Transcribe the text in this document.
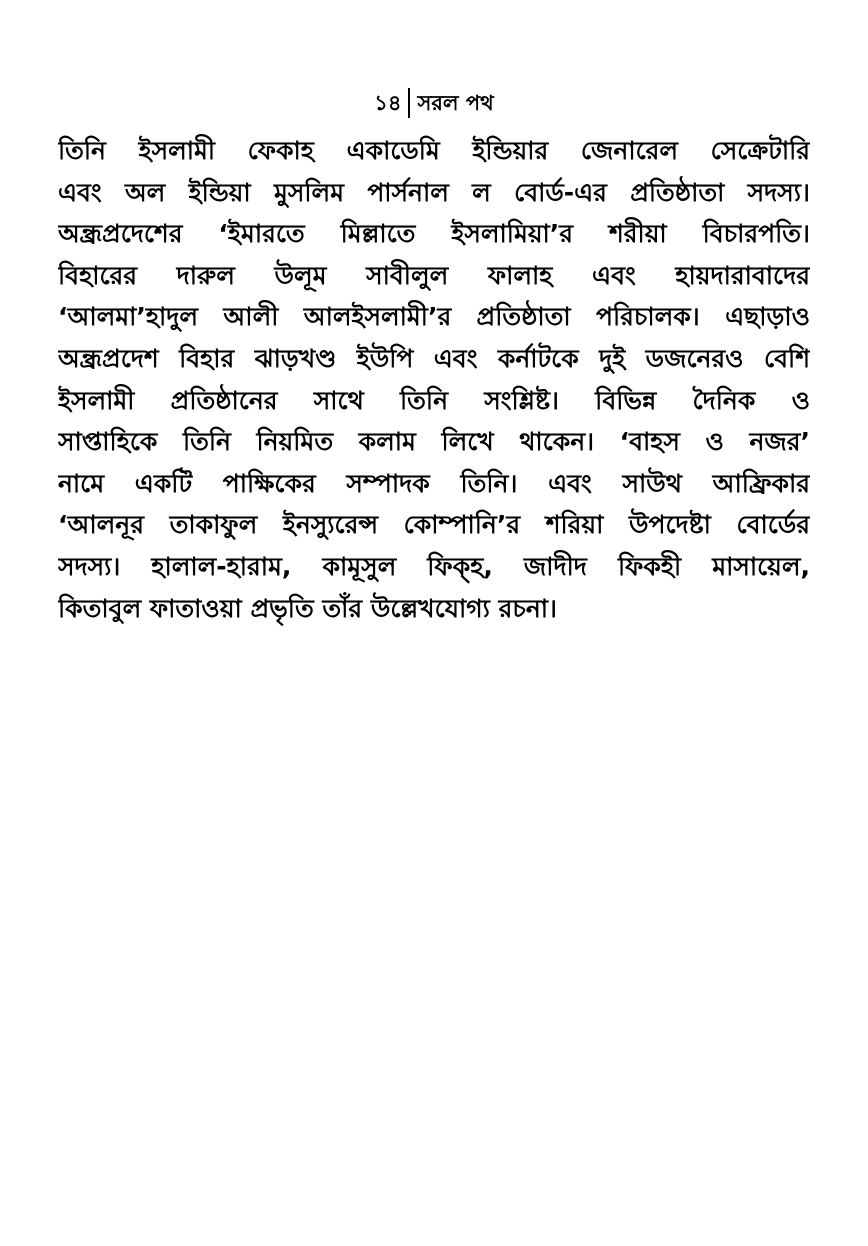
১৪ সরল পথ
তিনি ইসলামী ফেকাহ একাডেমি ইন্ডিয়ার জেনারেল সেক্রেটারি
এবং অল ইন্ডিয়া মুসলিম পার্সনাল ল বোর্ড-এর প্রতিষ্ঠাতা সদস্য।
অন্ধ্রপ্রদেশের ‘ইমারতে মিল্লাতে ইসলামিয়া’র শরীয়া বিচারপতি।
বিহারের দারুল উলূম সাবীলুল ফালাহ এবং হায়দারাবাদের
‘আলমা’হাদুল আলী আলইসলামী’র প্রতিষ্ঠাতা পরিচালক। এছাড়াও
অন্ধ্রপ্রদেশ বিহার ঝাড়খণ্ড ইউপি এবং কর্নাটকে দুই ডজনেরও বেশি
ইসলামী প্রতিষ্ঠানের সাথে তিনি সংশ্লিষ্ট। বিভিন্ন দৈনিক ও
সাপ্তাহিকে তিনি নিয়মিত কলাম লিখে থাকেন। ‘বাহস ও নজর’
নামে একটি পাক্ষিকের সম্পাদক তিনি। এবং সাউথ আফ্রিকার
‘আলনূর তাকাফুল ইনস্যুরেন্স কোম্পানি’র শরিয়া উপদেষ্টা বোর্ডের
সদস্য। হালাল-হারাম, কামূসুল ফিক্হ, জাদীদ ফিকহী মাসায়েল,
কিতাবুল ফাতাওয়া প্রভৃতি তাঁর উল্লেখযোগ্য রচনা।
